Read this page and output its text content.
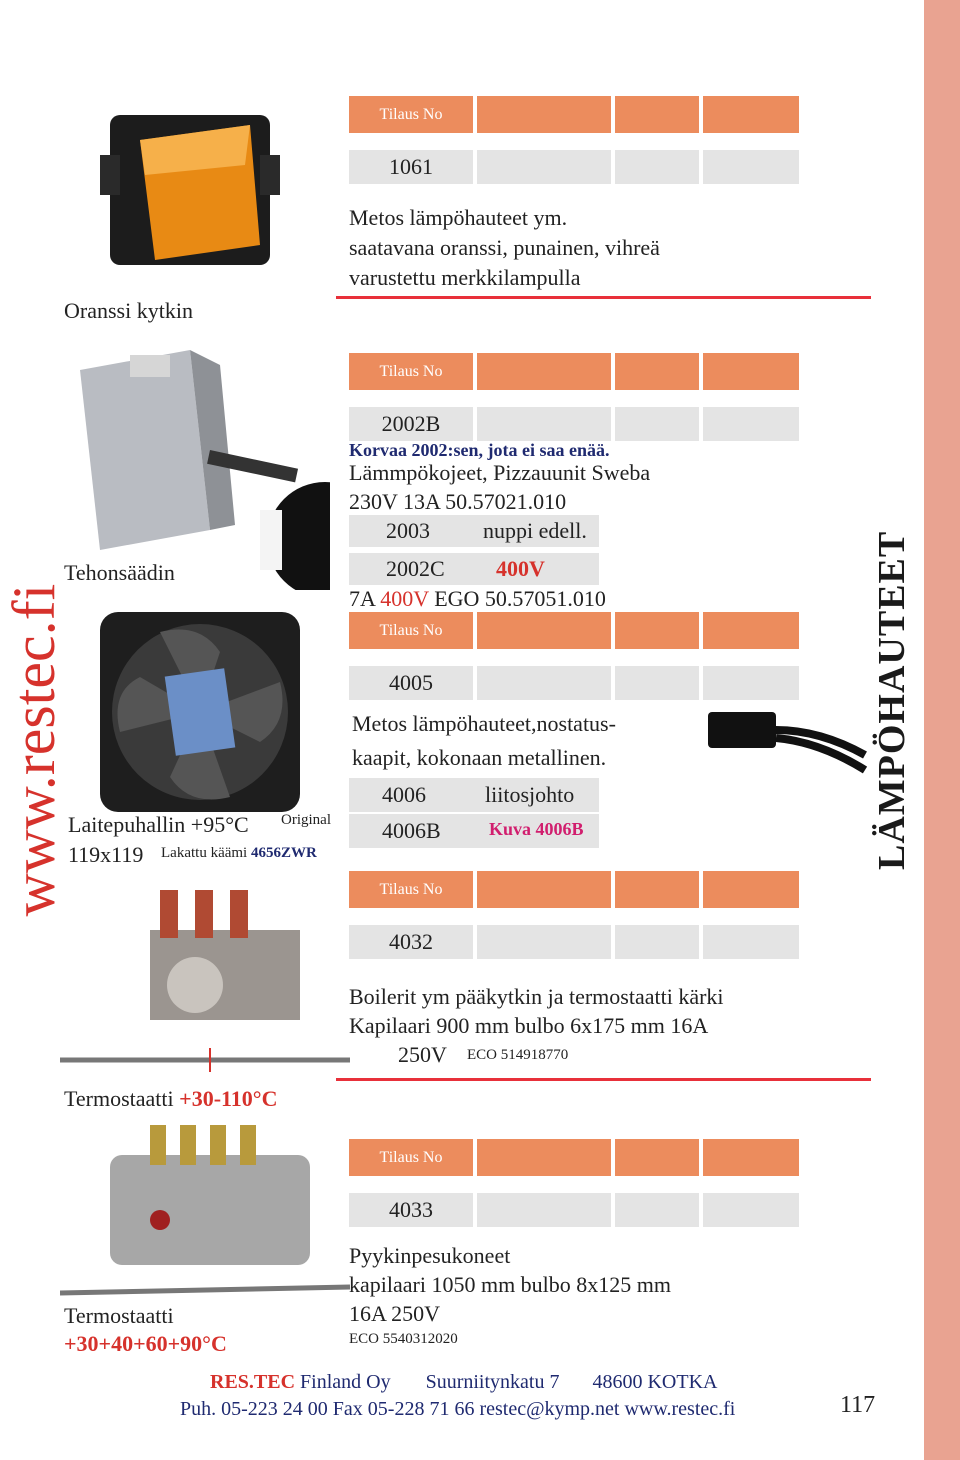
LÄMPÖHAUTEET
www.restec.fi
Oranssi kytkin
Tilaus No
1061
Metos lämpöhauteet ym.
saatavana oranssi, punainen, vihreä
varustettu merkkilampulla
Tehonsäädin
Tilaus No
2002B
Korvaa 2002:sen, jota ei saa enää.
Lämmpökojeet, Pizzauunit Sweba
230V 13A 50.57021.010
2003 nuppi edell.
2002C 400V
7A 400V EGO 50.57051.010
Laitepuhallin +95°C Original
119x119 Lakattu käämi 4656ZWR
Tilaus No
4005
Metos lämpöhauteet,nostatus-
kaapit, kokonaan metallinen.
4006	liitosjohto
4006B	Kuva 4006B
Termostaatti +30-110°C
Tilaus No
4032
Boilerit ym pääkytkin ja termostaatti kärki
Kapilaari 900 mm bulbo 6x175 mm 16A
250V ECO 514918770
Termostaatti
+30+40+60+90°C
Tilaus No
4033
Pyykinpesukoneet
kapilaari 1050 mm bulbo 8x125 mm
16A 250V
ECO 5540312020
RES.TEC Finland Oy Suurniitynkatu 7 48600 KOTKA
Puh. 05-223 24 00 Fax 05-228 71 66 restec@kymp.net www.restec.fi	117
